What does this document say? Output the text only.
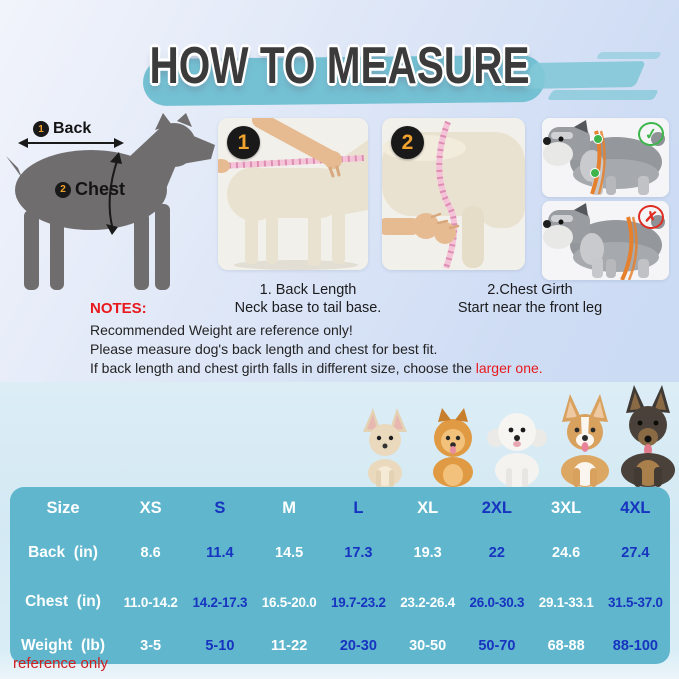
HOW TO MEASURE
1 Back
2 Chest
1	2	✓
✗
1. Back Length
Neck base to tail base.
2.Chest Girth
Start near the front leg
NOTES:
Recommended Weight are reference only!
Please measure dog's back length and chest for best fit.
If back length and chest girth falls in different size, choose the larger one.
Size	XS	S	M	L	XL	2XL	3XL	4XL
Back  (in)	8.6	11.4	14.5	17.3	19.3	22	24.6	27.4
Chest  (in)	11.0-14.2	14.2-17.3	16.5-20.0	19.7-23.2	23.2-26.4	26.0-30.3	29.1-33.1	31.5-37.0
Weight  (lb)	3-5	5-10	11-22	20-30	30-50	50-70	68-88	88-100
reference only
